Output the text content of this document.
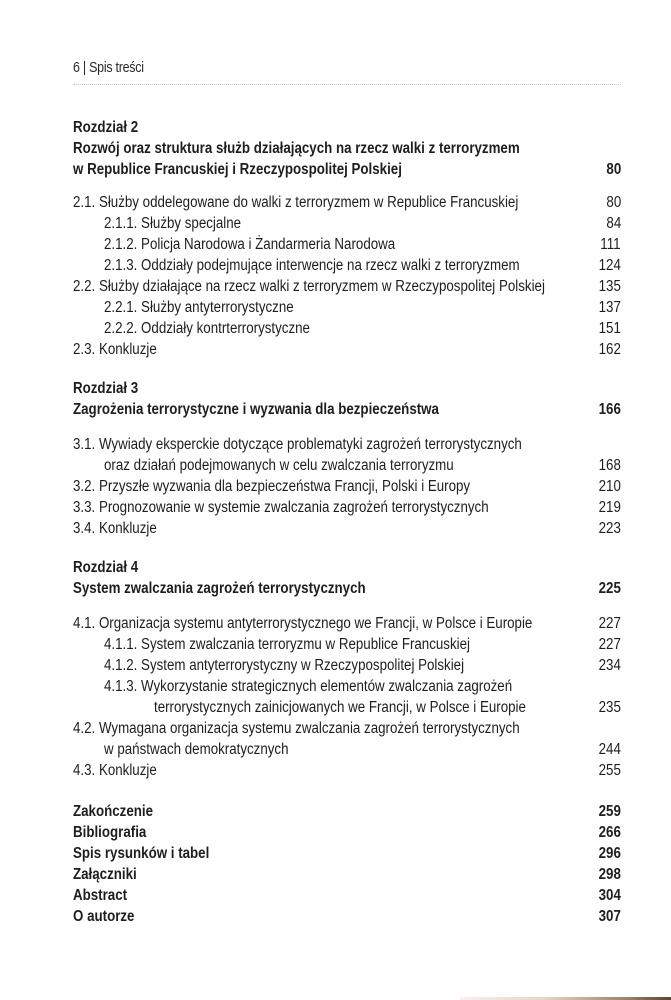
6 | Spis treści
Rozdział 2
Rozwój oraz struktura służb działających na rzecz walki z terroryzmem
w Republice Francuskiej i Rzeczypospolitej Polskiej	80
2.1. Służby oddelegowane do walki z terroryzmem w Republice Francuskiej	80
2.1.1. Służby specjalne	84
2.1.2. Policja Narodowa i Żandarmeria Narodowa	111
2.1.3. Oddziały podejmujące interwencje na rzecz walki z terroryzmem	124
2.2. Służby działające na rzecz walki z terroryzmem w Rzeczypospolitej Polskiej	135
2.2.1. Służby antyterrorystyczne	137
2.2.2. Oddziały kontrterrorystyczne	151
2.3. Konkluzje	162
Rozdział 3
Zagrożenia terrorystyczne i wyzwania dla bezpieczeństwa	166
3.1. Wywiady eksperckie dotyczące problematyki zagrożeń terrorystycznych
oraz działań podejmowanych w celu zwalczania terroryzmu	168
3.2. Przyszłe wyzwania dla bezpieczeństwa Francji, Polski i Europy	210
3.3. Prognozowanie w systemie zwalczania zagrożeń terrorystycznych	219
3.4. Konkluzje	223
Rozdział 4
System zwalczania zagrożeń terrorystycznych	225
4.1. Organizacja systemu antyterrorystycznego we Francji, w Polsce i Europie	227
4.1.1. System zwalczania terroryzmu w Republice Francuskiej	227
4.1.2. System antyterrorystyczny w Rzeczypospolitej Polskiej	234
4.1.3. Wykorzystanie strategicznych elementów zwalczania zagrożeń
terrorystycznych zainicjowanych we Francji, w Polsce i Europie	235
4.2. Wymagana organizacja systemu zwalczania zagrożeń terrorystycznych
w państwach demokratycznych	244
4.3. Konkluzje	255
Zakończenie	259
Bibliografia	266
Spis rysunków i tabel	296
Załączniki	298
Abstract	304
O autorze	307
